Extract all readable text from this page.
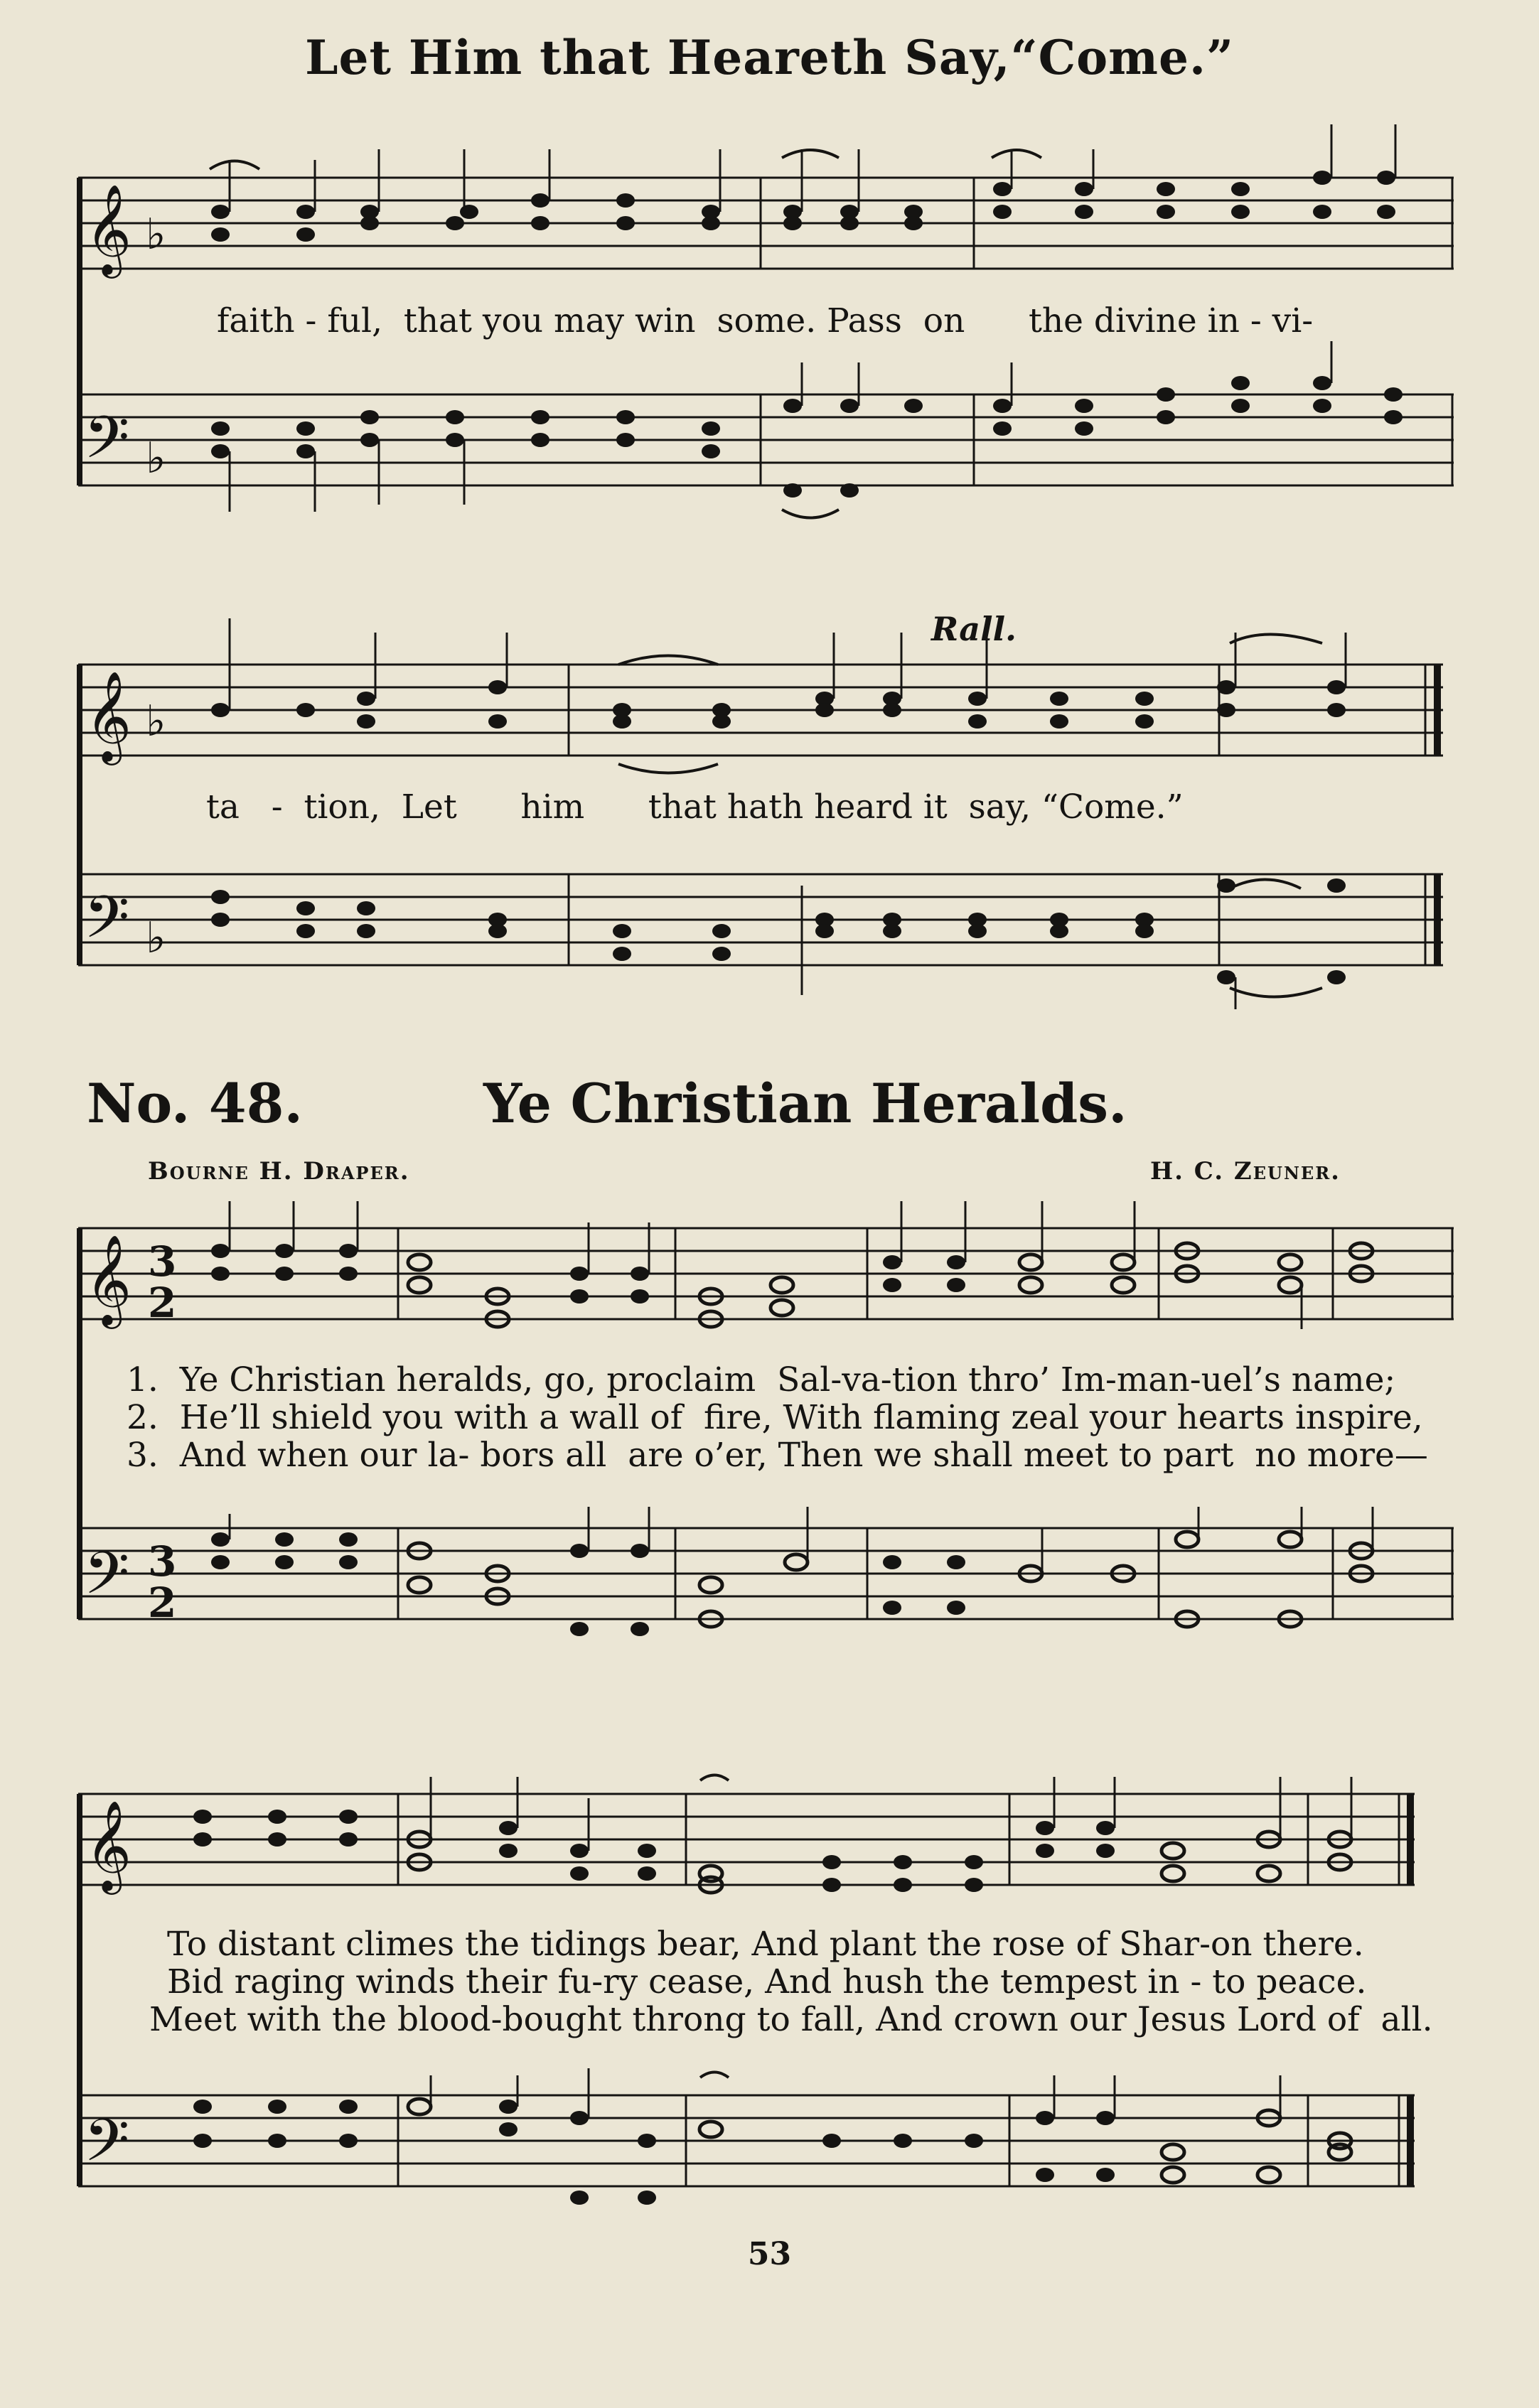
𝄞 ♭
𝄢 ♭
𝄞 ♭
𝄢 ♭
𝄞 3
2
𝄢 3
2
𝄞
𝄢
Let Him that Heareth Say,“Come.”
faith - ful,  that you may win  some. Pass  on      the divine in - vi-
Rall.
ta   -  tion,  Let      him      that hath heard it  say, “Come.”
No. 48.	Ye Christian Heralds.
Bourne H. Draper.	H. C. Zeuner.
1.  Ye Christian heralds, go, proclaim  Sal-va-tion thro’ Im-man-uel’s name;
2.  He’ll shield you with a wall of  fire, With flaming zeal your hearts inspire,
3.  And when our la- bors all  are o’er, Then we shall meet to part  no more—
To distant climes the tidings bear, And plant the rose of Shar-on there.
Bid raging winds their fu-ry cease, And hush the tempest in - to peace.
Meet with the blood-bought throng to fall, And crown our Jesus Lord of  all.
53
